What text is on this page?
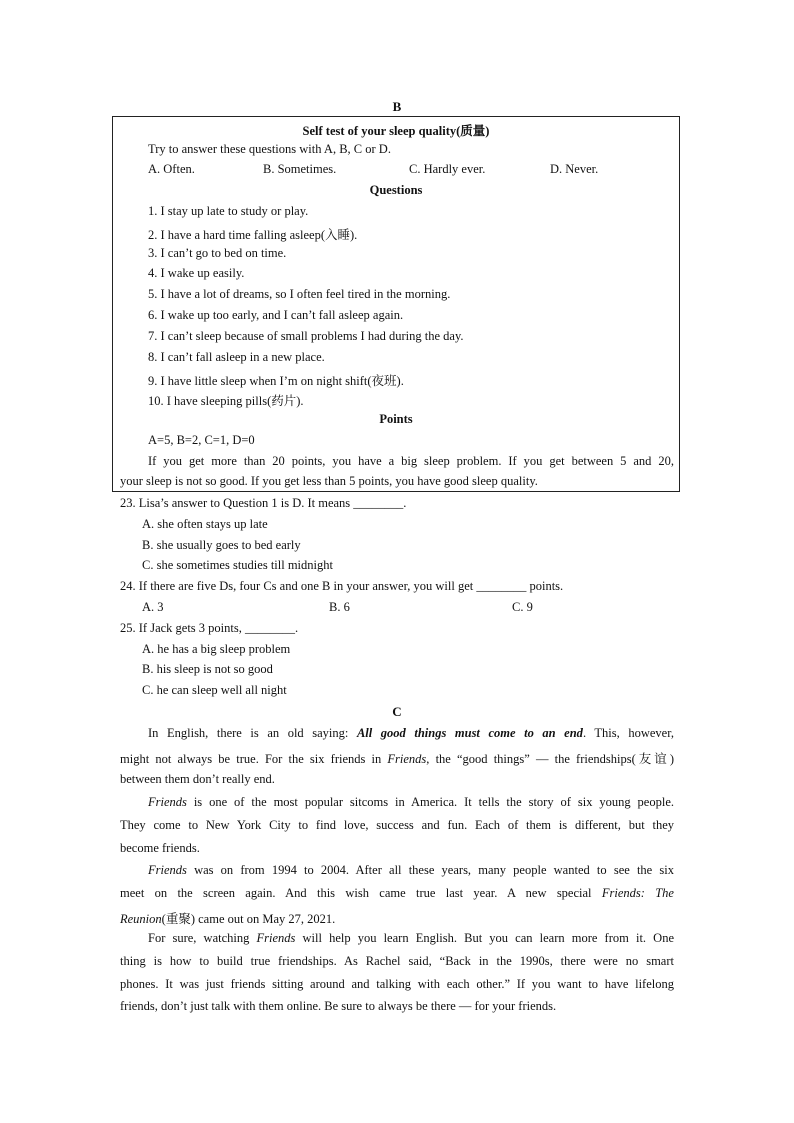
B
Self test of your sleep quality(质量)
Try to answer these questions with A, B, C or D.
A. Often.	B. Sometimes.	C. Hardly ever.	D. Never.
Questions
1. I stay up late to study or play.
2. I have a hard time falling asleep(入睡).
3. I can’t go to bed on time.
4. I wake up easily.
5. I have a lot of dreams, so I often feel tired in the morning.
6. I wake up too early, and I can’t fall asleep again.
7. I can’t sleep because of small problems I had during the day.
8. I can’t fall asleep in a new place.
9. I have little sleep when I’m on night shift(夜班).
10. I have sleeping pills(药片).
Points
A=5, B=2, C=1, D=0
If you get more than 20 points, you have a big sleep problem. If you get between 5 and 20,
your sleep is not so good. If you get less than 5 points, you have good sleep quality.
23. Lisa’s answer to Question 1 is D. It means ________.
A. she often stays up late
B. she usually goes to bed early
C. she sometimes studies till midnight
24. If there are five Ds, four Cs and one B in your answer, you will get ________ points.
A. 3	B. 6	C. 9
25. If Jack gets 3 points, ________.
A. he has a big sleep problem
B. his sleep is not so good
C. he can sleep well all night
C
In English, there is an old saying: All good things must come to an end. This, however,
might not always be true. For the six friends in Friends, the “good things” — the friendships(友谊)
between them don’t really end.
Friends is one of the most popular sitcoms in America. It tells the story of six young people.
They come to New York City to find love, success and fun. Each of them is different, but they
become friends.
Friends was on from 1994 to 2004. After all these years, many people wanted to see the six
meet on the screen again. And this wish came true last year. A new special Friends: The
Reunion(重聚) came out on May 27, 2021.
For sure, watching Friends will help you learn English. But you can learn more from it. One
thing is how to build true friendships. As Rachel said, “Back in the 1990s, there were no smart
phones. It was just friends sitting around and talking with each other.” If you want to have lifelong
friends, don’t just talk with them online. Be sure to always be there — for your friends.
